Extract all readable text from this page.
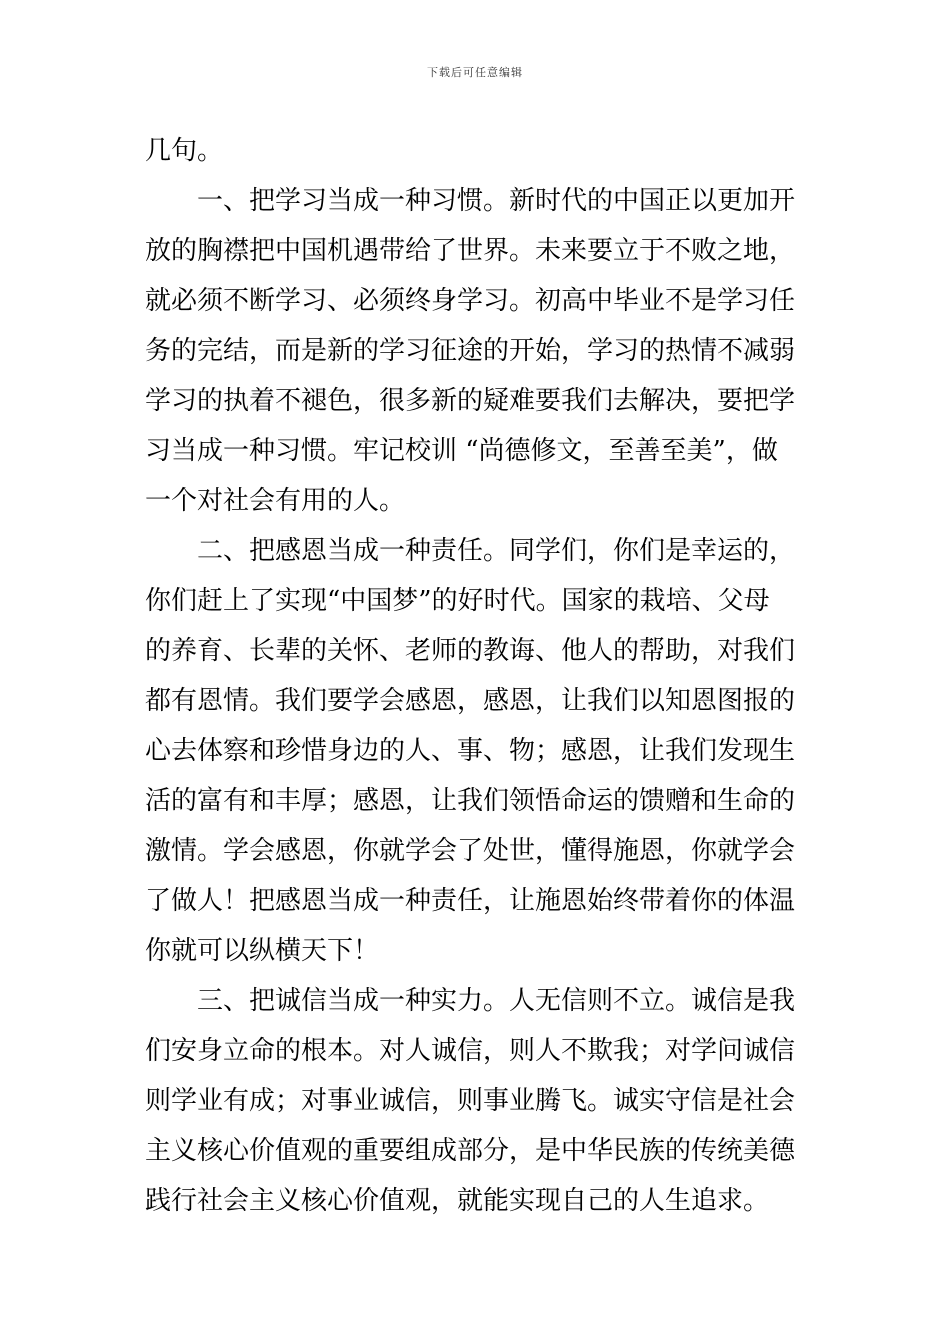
下载后可任意编辑
几句。
一、把学习当成一种习惯。新时代的中国正以更加开
放的胸襟把中国机遇带给了世界。未来要立于不败之地，
就必须不断学习、必须终身学习。初高中毕业不是学习任
务的完结，而是新的学习征途的开始，学习的热情不减弱
学习的执着不褪色，很多新的疑难要我们去解决，要把学
习当成一种习惯。牢记校训 “尚德修文，至善至美”，做
一个对社会有用的人。
二、把感恩当成一种责任。同学们，你们是幸运的，
你们赶上了实现“中国梦”的好时代。国家的栽培、父母
的养育、长辈的关怀、老师的教诲、他人的帮助，对我们
都有恩情。我们要学会感恩，感恩，让我们以知恩图报的
心去体察和珍惜身边的人、事、物；感恩，让我们发现生
活的富有和丰厚；感恩，让我们领悟命运的馈赠和生命的
激情。学会感恩，你就学会了处世，懂得施恩，你就学会
了做人！把感恩当成一种责任，让施恩始终带着你的体温
你就可以纵横天下！
三、把诚信当成一种实力。人无信则不立。诚信是我
们安身立命的根本。对人诚信，则人不欺我；对学问诚信
则学业有成；对事业诚信，则事业腾飞。诚实守信是社会
主义核心价值观的重要组成部分，是中华民族的传统美德
践行社会主义核心价值观，就能实现自己的人生追求。
